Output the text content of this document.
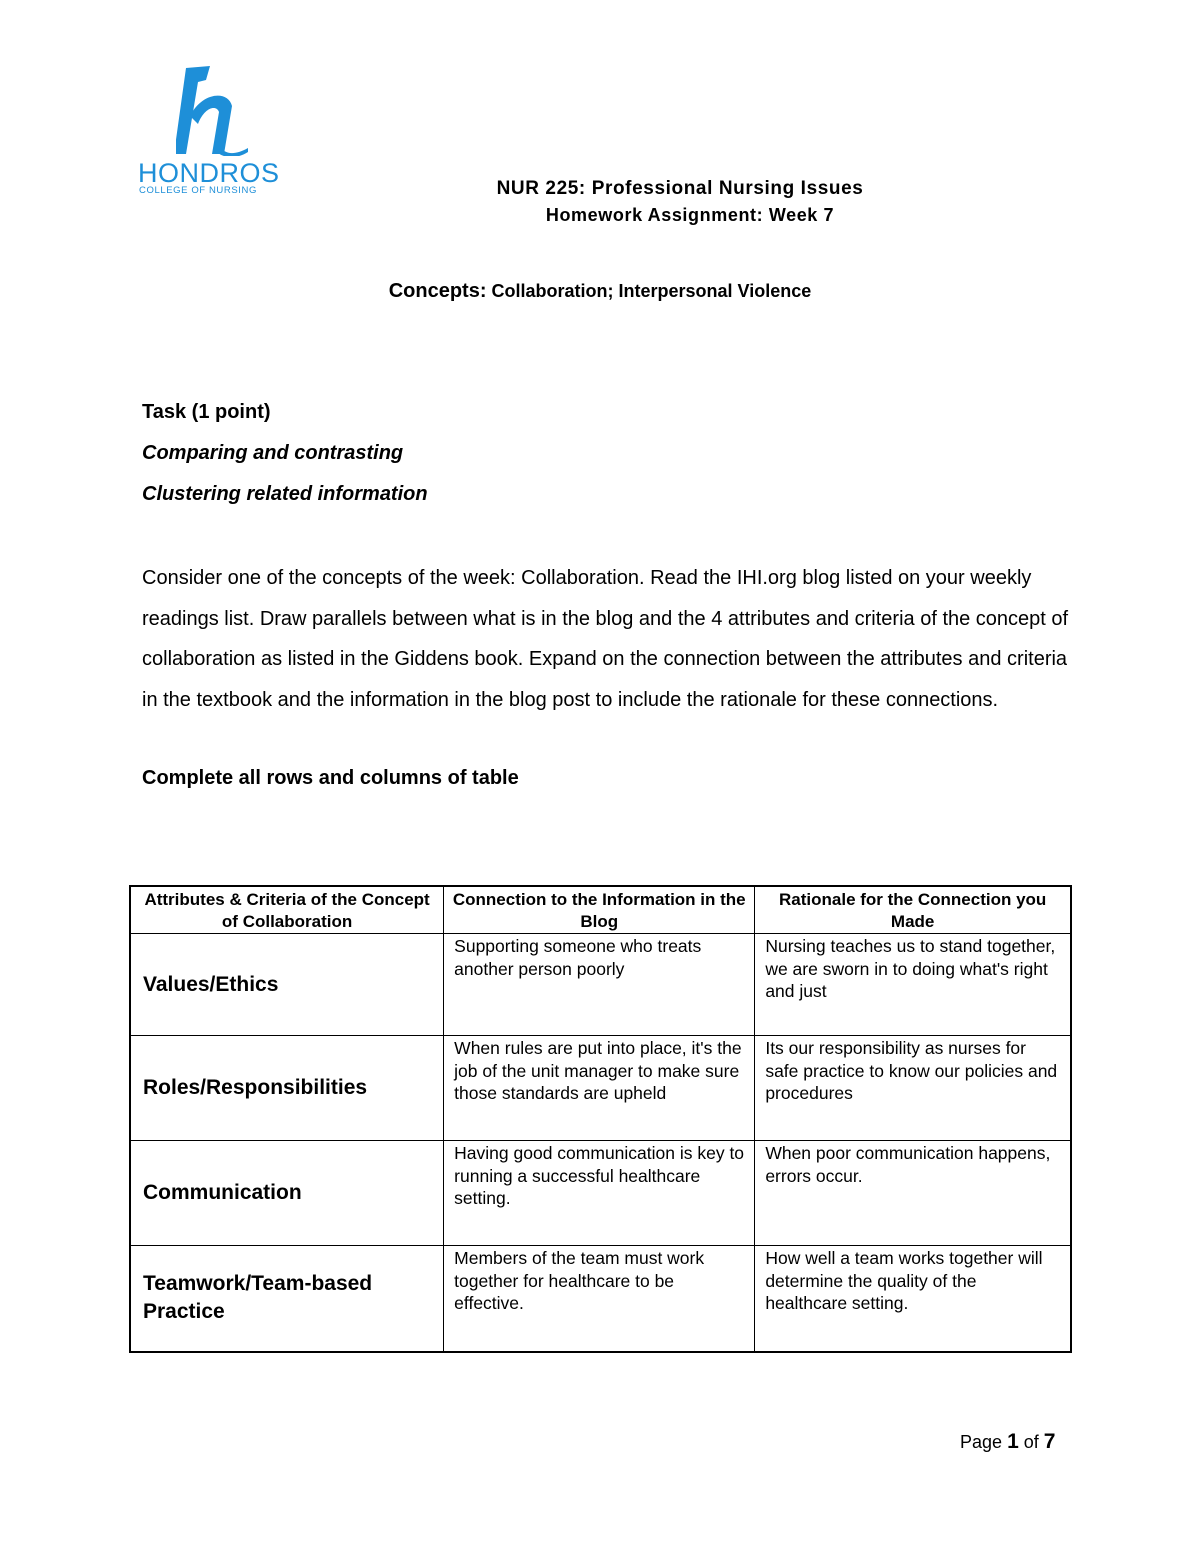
HONDROS
COLLEGE OF NURSING	NUR 225: Professional Nursing Issues
Homework Assignment: Week 7
Concepts: Collaboration; Interpersonal Violence
Task (1 point)
Comparing and contrasting
Clustering related information
Consider one of the concepts of the week: Collaboration. Read the IHI.org blog listed on your weekly readings list. Draw parallels between what is in the blog and the 4 attributes and criteria of the concept of collaboration as listed in the Giddens book. Expand on the connection between the attributes and criteria in the textbook and the information in the blog post to include the rationale for these connections.
Complete all rows and columns of table
Attributes & Criteria of the Concept of Collaboration	Connection to the Information in the Blog	Rationale for the Connection you Made
Values/Ethics	Supporting someone who treats another person poorly	Nursing teaches us to stand together, we are sworn in to doing what's right and just
Roles/Responsibilities	When rules are put into place, it's the job of the unit manager to make sure those standards are upheld	Its our responsibility as nurses for safe practice to know our policies and procedures
Communication	Having good communication is key to running a successful healthcare setting.	When poor communication happens, errors occur.
Teamwork/Team-based Practice	Members of the team must work together for healthcare to be effective.	How well a team works together will determine the quality of the healthcare setting.
Page 1 of 7
